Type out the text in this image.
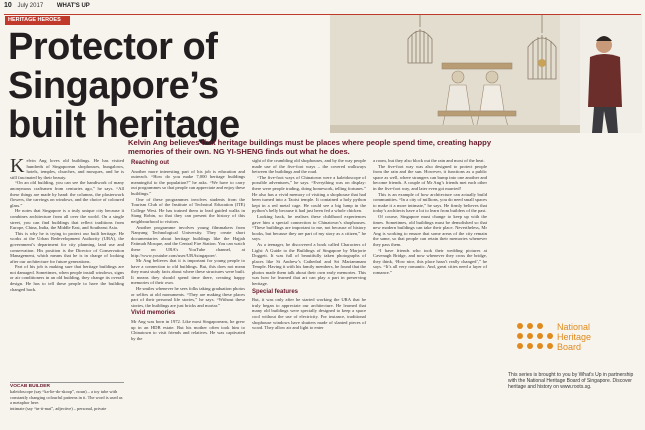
10 July 2017 WHAT'S UP
HERITAGE HEROES
Protector of
Singapore’s
built heritage
Kelvin Ang believes that heritage buildings must be places where people spend time, creating happy memories of their own. NG YI-SHENG finds out what he does.
K elvin Ang loves old buildings. He has visited hundreds of Singaporean shophouses, bungalows, hotels, temples, churches, and mosques, and he is still fascinated by their beauty.
“On an old building, you can see the handiwork of many anonymous craftsmen from centuries ago,” he says. “All these things are made by hand: the columns, the plasterwork flowers, the carvings on windows, and the choice of coloured glass.”
He notes that Singapore is a truly unique city because it combines architecture from all over the world. On a single street, you can find buildings that reflect traditions from Europe, China, India, the Middle East, and Southeast Asia.
This is why he is trying to protect our built heritage. He works at the Urban Redevelopment Authority (URA), the government’s department for city planning, land use and conservation. His position is the Director of Conservation Management, which means that he is in charge of looking after our architecture for future generations.
Part of his job is making sure that heritage buildings are not damaged. Sometimes, when people install windows, signs or air conditioners in an old building, they change its overall design. He has to tell these people to have the building changed back.
Reaching out
Another more interesting part of his job is education and outreach. “How do you make 7,000 heritage buildings meaningful to the population?” he asks. “We have to carry out programmes so that people can appreciate and enjoy these buildings.”
One of these programmes involves students from the Tourism Club of the Institute of Technical Education (ITE) College West. He has trained them to lead guided walks in Siang Robin, so that they can present the history of this neighbourhood to visitors.
Another programme involves young filmmakers from Nanyang Technological University. They create short documentaries about heritage buildings like the Hajjah Fatimah Mosque, and the Central Fire Station. You can watch these on URA’s YouTube channel, at http://www.youtube.com/user/URAsingapore/.
Mr Ang believes that it is important for young people to have a connection to old buildings. But, this does not mean they must study facts about where these structures were built. It means they should spend time there, creating happy memories of their own.
He smiles whenever he sees folks taking graduation photos or selfies at old monuments. “They are making these places part of their personal life stories,” he says. “Without these stories, the buildings are just bricks and mortar.”
Vivid memories
Mr Ang was born in 1972. Like most Singaporeans, he grew up in an HDB estate. But his mother often took him to Chinatown to visit friends and relatives. He was captivated by the
sight of the crumbling old shophouses, and by the way people made use of the five-foot ways – the covered walkways between the buildings and the road.
“The five-foot ways of Chinatown were a kaleidoscope of possible adventures,” he says. “Everything was on display: there were people trading, doing homework, telling fortunes.” He also has a vivid memory of visiting a shophouse that had been turned into a Taoist temple. It contained a holy python kept in a red metal cage. He could see a big lump in the python’s belly because it had just been fed a whole chicken.
Looking back, he realises these childhood experiences gave him a special connection to Chinatown’s shophouses. “These buildings are important to me, not because of history books, but because they are part of my story as a citizen,” he says.
As a teenager, he discovered a book called Characters of Light: A Guide to the Buildings of Singapore by Marjorie Doggett. It was full of beautifully taken photographs of places like St Andrew’s Cathedral and Sri Mariammam Temple. Having it with his family members, he found that the photos made them talk about their own early memories. This was how he learned that art can play a part in preserving heritage.
Special features
But, it was only after he started working the URA that he truly began to appreciate our architecture. He learned that many old buildings were specially designed to keep a space cool without the use of electricity. For instance, traditional shophouse windows have shutters made of slanted pieces of wood. They allow air and light to enter
a room, but they also block out the rain and most of the heat.
The five-foot way was also designed to protect people from the rain and the sun. However, it functions as a public space as well, where strangers can bump into one another and become friends. A couple of Mr Ang’s friends met each other in the five-foot way, and later even got married!
This is an example of how architecture can actually build communities. “In a city of millions, you do need small spaces to make it a more intimate,” he says. He firmly believes that today’s architects have a lot to learn from builders of the past.
Of course, Singapore must change to keep up with the times. Sometimes, old buildings must be demolished so that new modern buildings can take their place. Nevertheless, Mr Ang is working to ensure that some areas of the city remain the same, so that people can retain their memories whenever they pass them.
“I have friends who took their wedding pictures at Cavenagh Bridge, and now whenever they cross the bridge, they think, ‘How nice, this place hasn’t really changed’,” he says. “It’s all very romantic. And, great cities need a layer of romance.”
VOCAB BUILDER
kaleidoscope (say “ka-lie-do-skoop”, noun) – a toy tube with constantly changing colourful patterns in it. The word is used as a metaphor here.
intimate (say “in-ti-mat”, adjective) – personal, private
National
Heritage
Board
This series is brought to you by What’s Up in partnership with the National Heritage Board of Singapore. Discover heritage and history on www.roots.sg.
